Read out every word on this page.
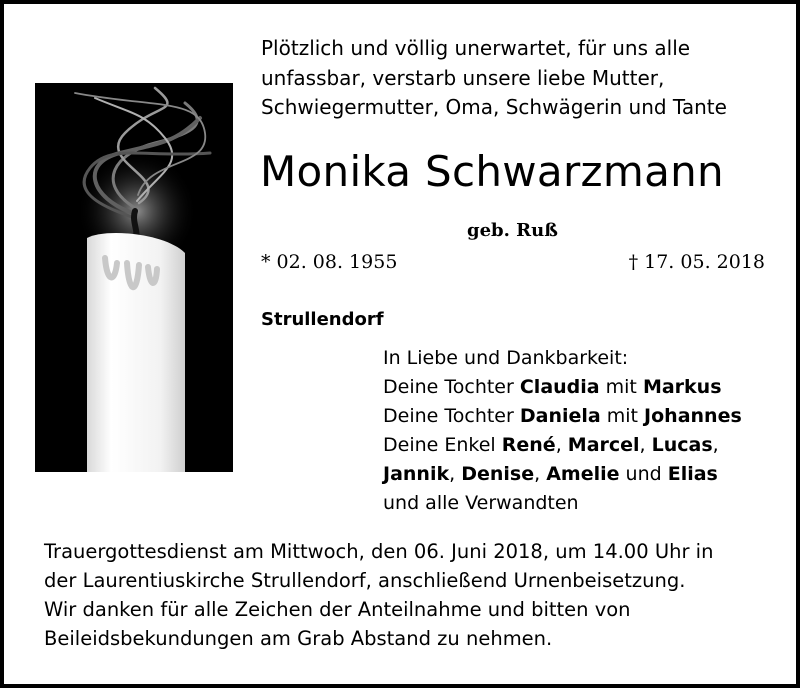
Plötzlich und völlig unerwartet, für uns alle
unfassbar, verstarb unsere liebe Mutter,
Schwiegermutter, Oma, Schwägerin und Tante
Monika Schwarzmann
geb. Ruß
* 02. 08. 1955	† 17. 05. 2018
Strullendorf
In Liebe und Dankbarkeit:
Deine Tochter Claudia mit Markus
Deine Tochter Daniela mit Johannes
Deine Enkel René, Marcel, Lucas,
Jannik, Denise, Amelie und Elias
und alle Verwandten
Trauergottesdienst am Mittwoch, den 06. Juni 2018, um 14.00 Uhr in
der Laurentiuskirche Strullendorf, anschließend Urnenbeisetzung.
Wir danken für alle Zeichen der Anteilnahme und bitten von
Beileidsbekundungen am Grab Abstand zu nehmen.
